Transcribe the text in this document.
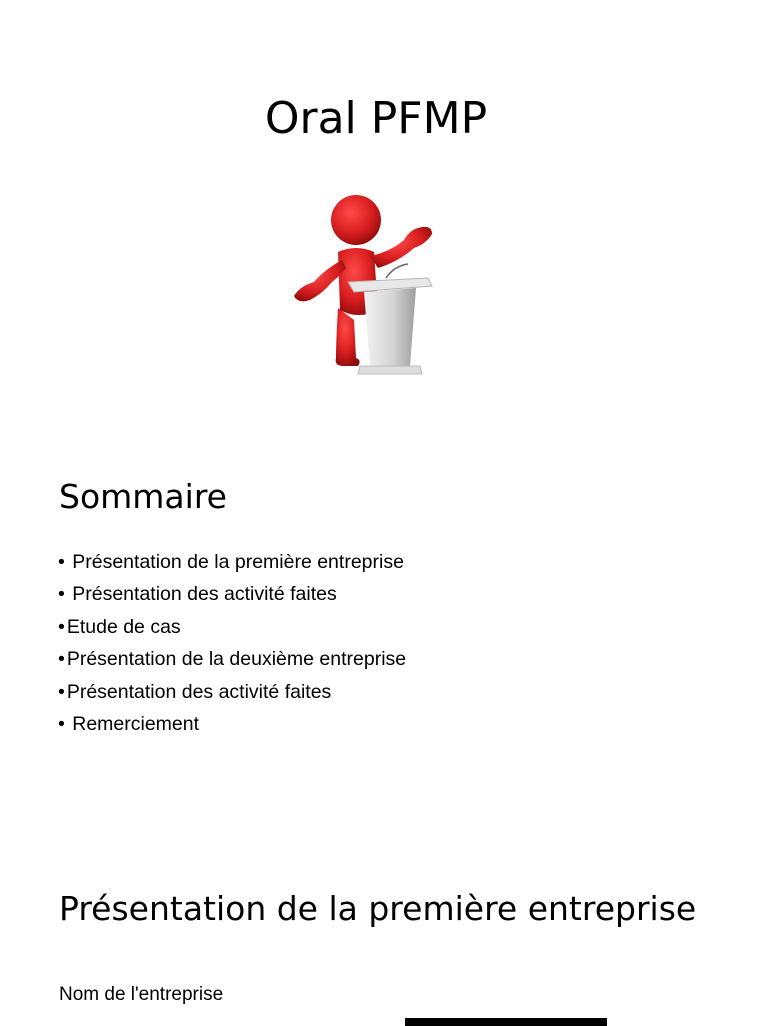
Oral PFMP
Sommaire
• Présentation de la première entreprise
• Présentation des activité faites
• Etude de cas
• Présentation de la deuxième entreprise
• Présentation des activité faites
• Remerciement
Présentation de la première entreprise

Nom de l'entreprise
